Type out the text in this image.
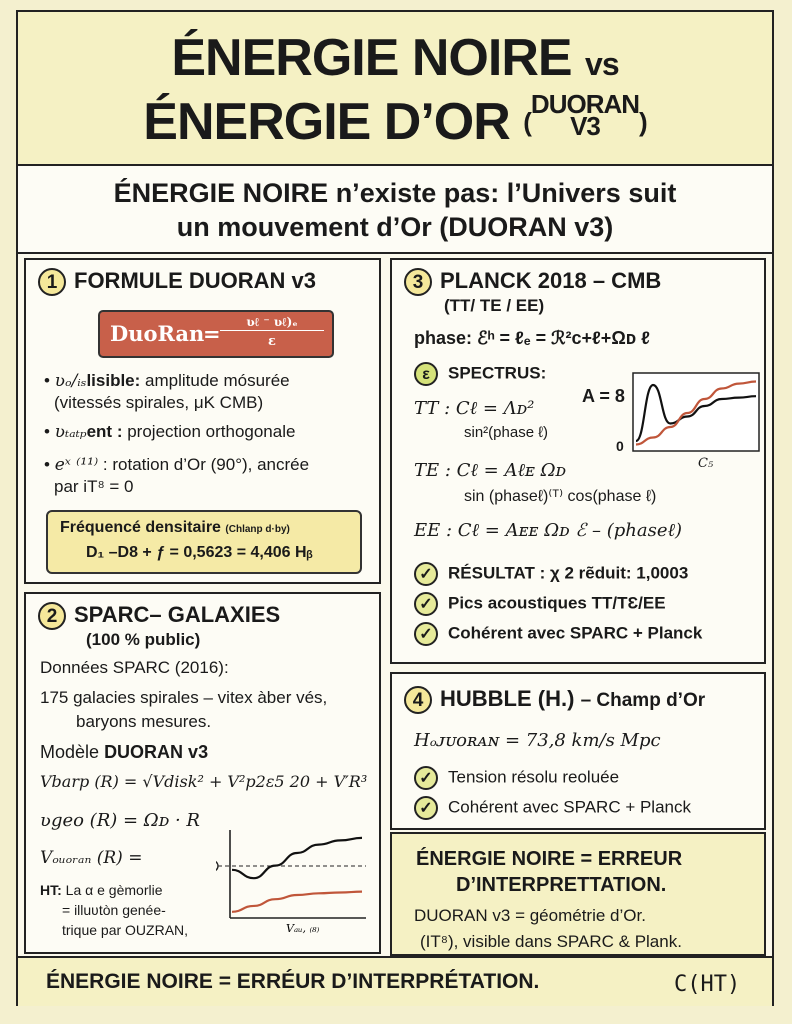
ÉNERGIE NOIRE vs
ÉNERGIE D’OR (
DUORAN
V3	)
ÉNERGIE NOIRE n’existe pas: l’Univers suit
un mouvement d’Or (DUORAN v3)
1 FORMULE DUORAN v3
DuoRan
=	ʋℓ ⁻ ʋℓ)ₑ
ɛ
• ʋₒ/ᵢₛlisible: amplitude mósurée
(vitessés spirales, μK CMB)
• ʋₜₐₜₚent : projection orthogonale
• eˣ ⁽¹¹⁾ : rotation d’Or (90°), ancrée
par iT⁸ = 0
Fréquencé densitaire (Chlanp d·by)
D₁ –D8 + ƒ = 0,5623 = 4,406 Hᵦ
2 SPARC– GALAXIES
(100 % public)
Données SPARC (2016):
175 galacies spirales – vitex àber vés,
baryons mesures.
Modèle DUORAN v3
Vbarp (R) = √Vdisk² + V²p2ɛ5 20 + V′R³
ʋgeo (R) = Ωᴅ · R
Vₒᵤₒᵣₐₙ (R) =
HT: La α e gèmorlie
= illuʋtòn genée-
trique par OUZRAN,	Vₐᵤ, ₍₈₎
3 PLANCK 2018 – CMB
(TT/ TE / EE)
phase: ℰʰ = ℓₑ = ℛ²c+ℓ+Ωᴅ ℓ
ε SPECTRUS:
TT : Cℓ = Λᴅ²
sin²(phase ℓ)
TE : Cℓ = Aℓᴇ Ωᴅ
sin (phaseℓ)⁽ᵀ⁾ cos(phase ℓ)
EE : Cℓ = Aᴇᴇ Ωᴅ ℰ – (phaseℓ)
A = 8
0
C₅
✓ RÉSULTAT : χ 2 rẽduit: 1,0003
✓ Pics acoustiques TT/TƐ/EE
✓ Cohérent avec SPARC + Planck
4 HUBBLE (H.) – Champ d’Or
Hₒᴊᴜᴏʀᴀɴ = 73,8 km/s Mpc
✓ Tension résolu reoluée
✓ Cohérent avec SPARC + Planck
ÉNERGIE NOIRE = ERREUR
D’INTERPRETTATION.
DUORAN v3 = géométrie d’Or.
(IT⁸), visible dans SPARC & Plank.
ÉNERGIE NOIRE = ERRÉUR D’INTERPRÉTATION.	C(HT)
